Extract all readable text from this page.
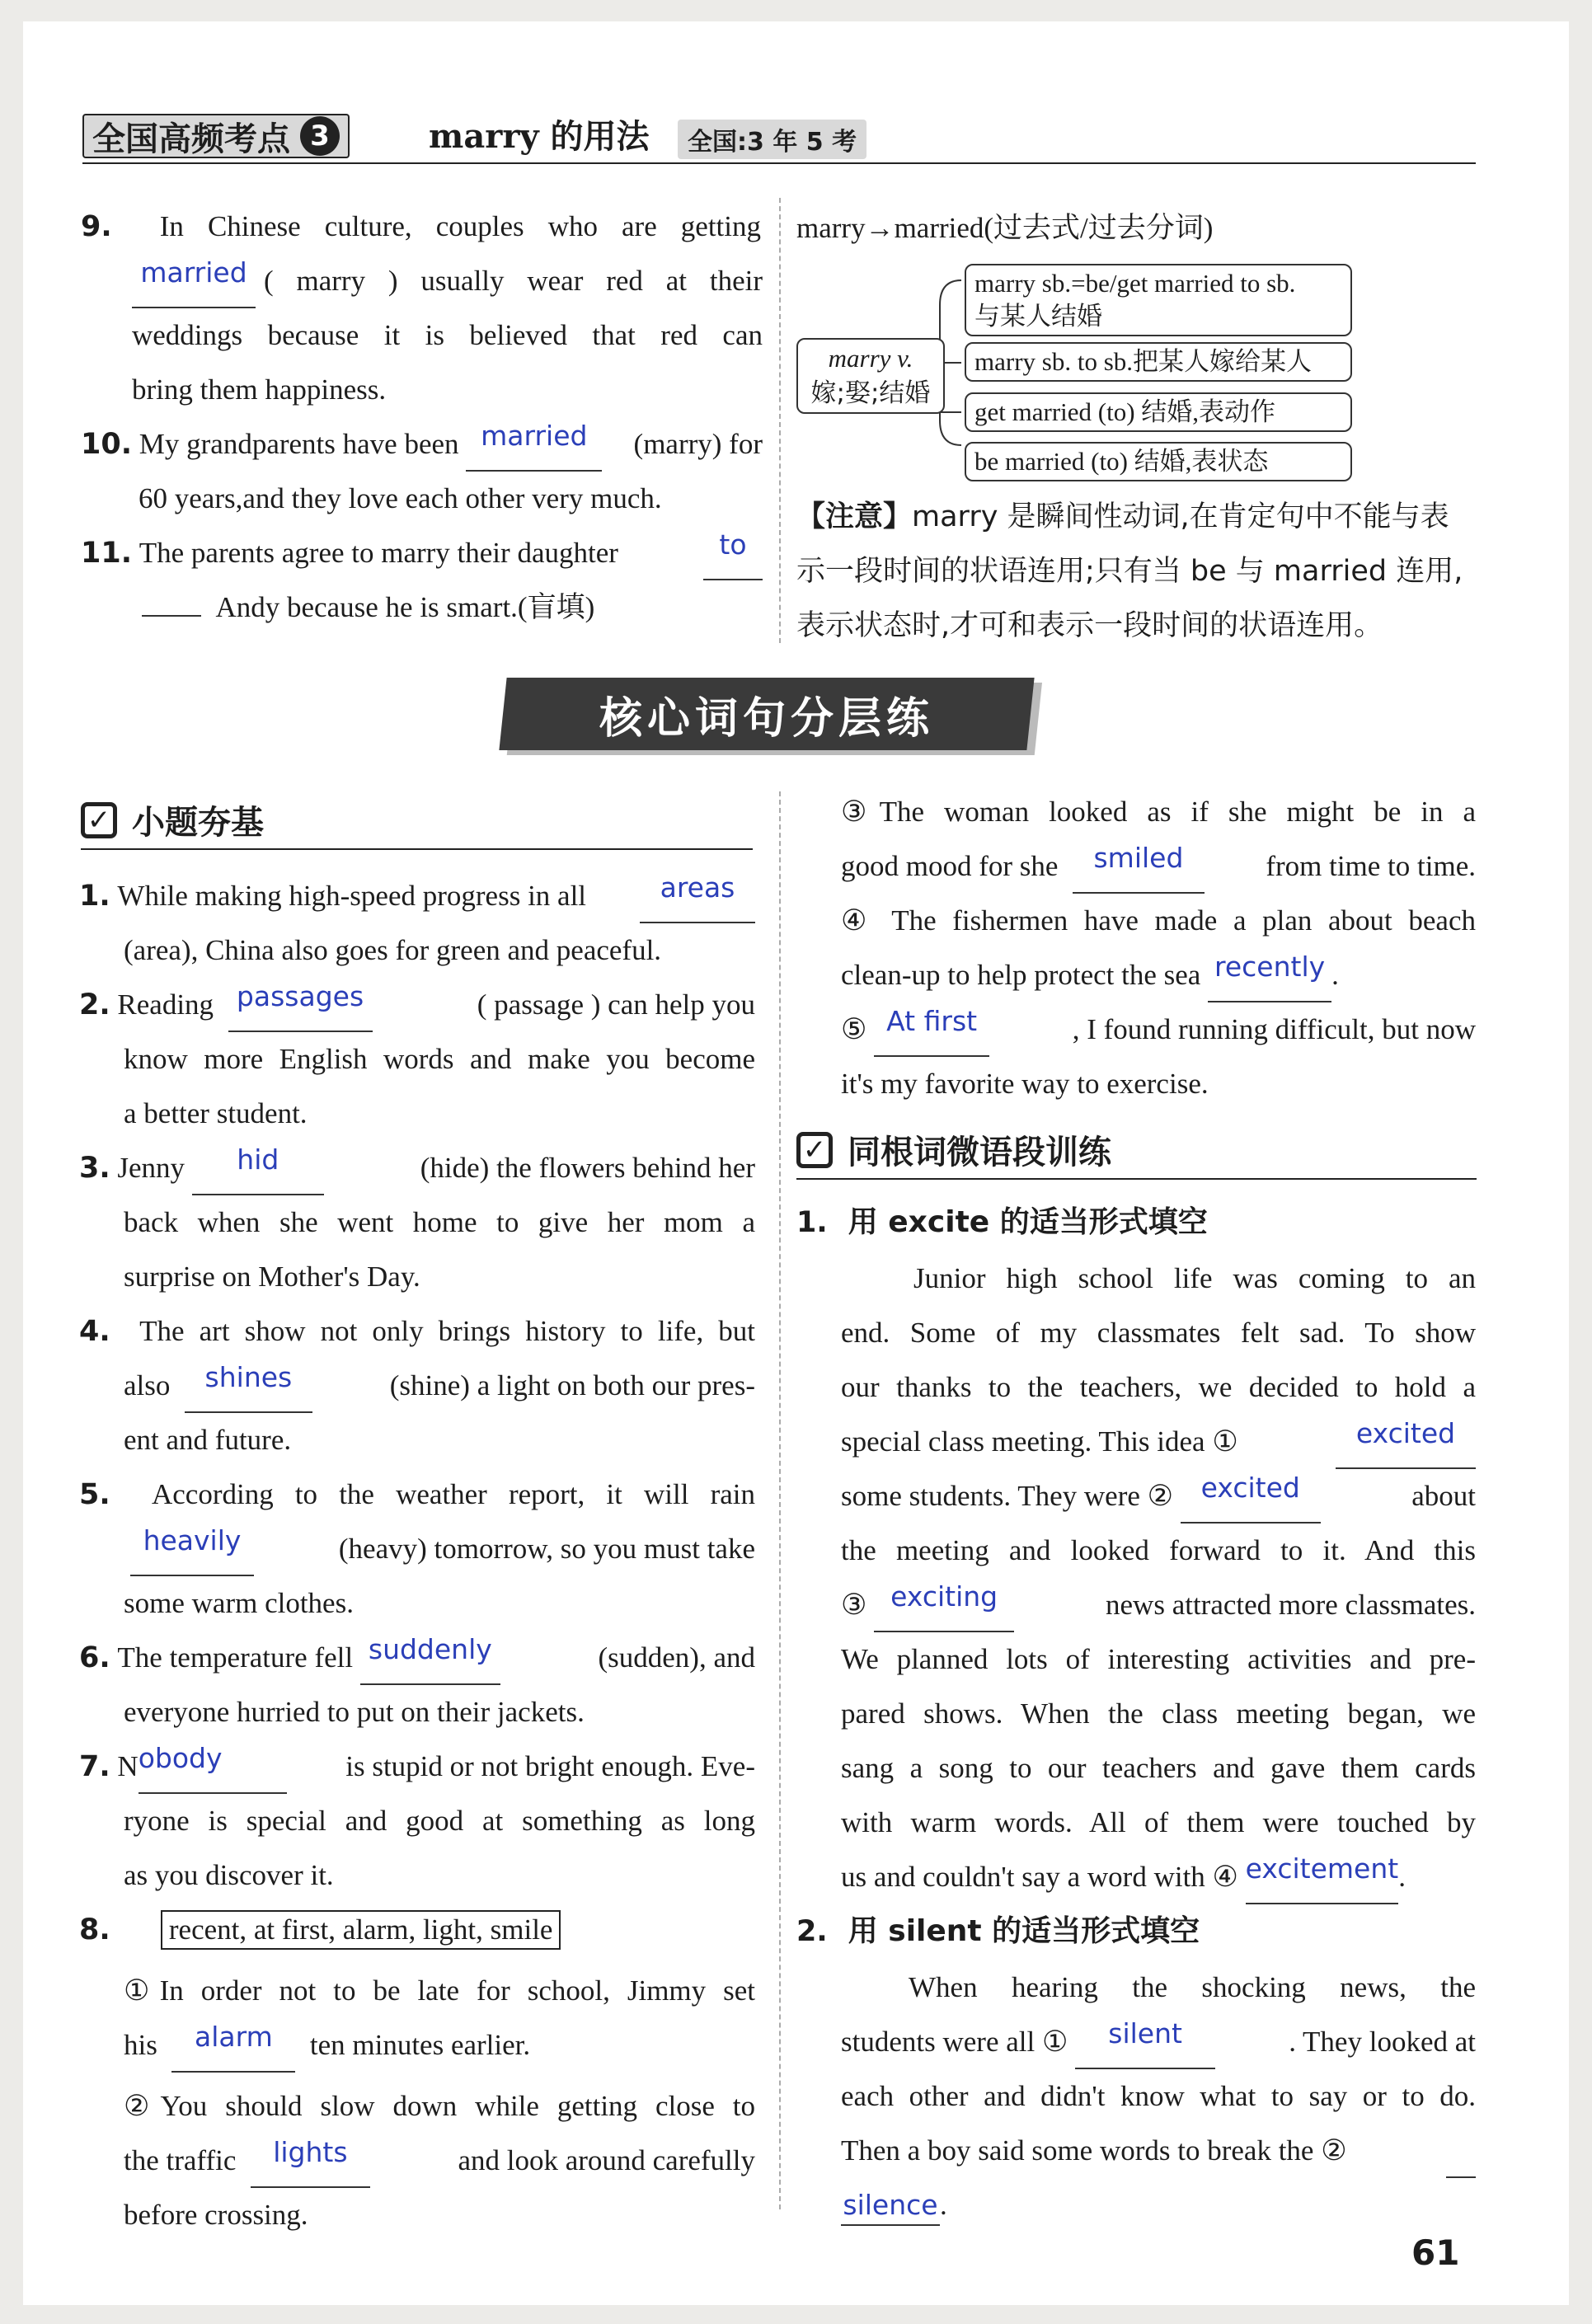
全国高频考点 3	marry 的用法	全国:3 年 5 考
9. In Chinese culture, couples who are getting
married ( marry ) usually wear red at their
weddings because it is believed that red can
bring them happiness.
10.
My grandparents have been
married	(marry) for
60 years,and they love each other very much.
11.
The parents agree to marry their daughter	to
Andy because he is smart.(盲填)
marry→married(过去式/过去分词)
marry v.
嫁;娶;结婚
marry sb.=be/get married to sb.
与某人结婚
marry sb. to sb.把某人嫁给某人
get married (to) 结婚,表动作
be married (to) 结婚,表状态
【注意】marry 是瞬间性动词,在肯定句中不能与表
示一段时间的状语连用;只有当 be 与 married 连用,
表示状态时,才可和表示一段时间的状语连用。
核心词句分层练
✓ 小题夯基
1.
While making high-speed progress in all	areas
(area), China also goes for green and peaceful.
2.
Reading
passages	( passage ) can help you
know more English words and make you become
a better student.
3.
Jenny
	hid	(hide) the flowers behind her
back when she went home to give her mom a
surprise on Mother's Day.
4. The art show not only brings history to life, but
also
	shines	(shine) a light on both our pres-
ent and future.
5. According to the weather report, it will rain
heavily	(heavy) tomorrow, so you must take
some warm clothes.
6.
The temperature fell
suddenly	(sudden), and
everyone hurried to put on their jackets.
7.
N obody	is stupid or not bright enough. Eve-
ryone is special and good at something as long
as you discover it.
8. recent, at first, alarm, light, smile
①In order not to be late for school, Jimmy set
his
	alarm
	ten minutes earlier.
②You should slow down while getting close to
the traffic
	lights	and look around carefully
before crossing.
③The woman looked as if she might be in a
good mood for she
	smiled	from time to time.
④ The fishermen have made a plan about beach
clean-up to help protect the sea
recently .
⑤
At first	, I found running difficult, but now
it's my favorite way to exercise.
✓ 同根词微语段训练
1. 用 excite 的适当形式填空
Junior high school life was coming to an
end. Some of my classmates felt sad. To show
our thanks to the teachers, we decided to hold a
special class meeting. This idea ①
	excited
some students. They were ②
	excited	about
the meeting and looked forward to it. And this
③
exciting	news attracted more classmates.
We planned lots of interesting activities and pre-
pared shows. When the class meeting began, we
sang a song to our teachers and gave them cards
with warm words. All of them were touched by
us and couldn't say a word with ④
excitement .
2. 用 silent 的适当形式填空
When hearing the shocking news, the
students were all ①
	silent	. They looked at
each other and didn't know what to say or to do.
Then a boy said some words to break the ②
silence.
61
